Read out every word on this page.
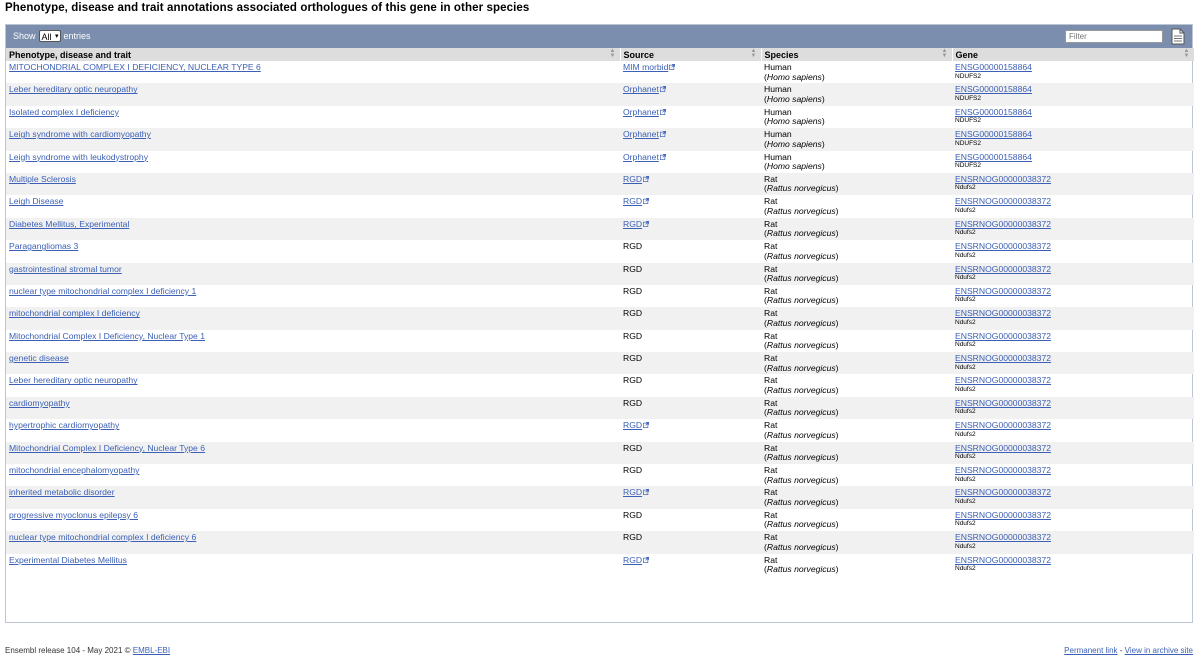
Phenotype, disease and trait annotations associated orthologues of this gene in other species
Show All ▾ entries
Filter
Phenotype, disease and trait ▲
▼	Source ▲
▼	Species ▲
▼	Gene ▲
▼

MITOCHONDRIAL COMPLEX I DEFICIENCY, NUCLEAR TYPE 6	MIM morbid	Human
(Homo sapiens)	ENSG00000158864
NDUFS2

Leber hereditary optic neuropathy	Orphanet	Human
(Homo sapiens)	ENSG00000158864
NDUFS2

Isolated complex I deficiency	Orphanet	Human
(Homo sapiens)	ENSG00000158864
NDUFS2

Leigh syndrome with cardiomyopathy	Orphanet	Human
(Homo sapiens)	ENSG00000158864
NDUFS2

Leigh syndrome with leukodystrophy	Orphanet	Human
(Homo sapiens)	ENSG00000158864
NDUFS2

Multiple Sclerosis	RGD	Rat
(Rattus norvegicus)	ENSRNOG00000038372
Ndufs2

Leigh Disease	RGD	Rat
(Rattus norvegicus)	ENSRNOG00000038372
Ndufs2

Diabetes Mellitus, Experimental	RGD	Rat
(Rattus norvegicus)	ENSRNOG00000038372
Ndufs2

Paragangliomas 3	RGD	Rat
(Rattus norvegicus)	ENSRNOG00000038372
Ndufs2

gastrointestinal stromal tumor	RGD	Rat
(Rattus norvegicus)	ENSRNOG00000038372
Ndufs2

nuclear type mitochondrial complex I deficiency 1	RGD	Rat
(Rattus norvegicus)	ENSRNOG00000038372
Ndufs2

mitochondrial complex I deficiency	RGD	Rat
(Rattus norvegicus)	ENSRNOG00000038372
Ndufs2

Mitochondrial Complex I Deficiency, Nuclear Type 1	RGD	Rat
(Rattus norvegicus)	ENSRNOG00000038372
Ndufs2

genetic disease	RGD	Rat
(Rattus norvegicus)	ENSRNOG00000038372
Ndufs2

Leber hereditary optic neuropathy	RGD	Rat
(Rattus norvegicus)	ENSRNOG00000038372
Ndufs2

cardiomyopathy	RGD	Rat
(Rattus norvegicus)	ENSRNOG00000038372
Ndufs2

hypertrophic cardiomyopathy	RGD	Rat
(Rattus norvegicus)	ENSRNOG00000038372
Ndufs2

Mitochondrial Complex I Deficiency, Nuclear Type 6	RGD	Rat
(Rattus norvegicus)	ENSRNOG00000038372
Ndufs2

mitochondrial encephalomyopathy	RGD	Rat
(Rattus norvegicus)	ENSRNOG00000038372
Ndufs2

inherited metabolic disorder	RGD	Rat
(Rattus norvegicus)	ENSRNOG00000038372
Ndufs2

progressive myoclonus epilepsy 6	RGD	Rat
(Rattus norvegicus)	ENSRNOG00000038372
Ndufs2

nuclear type mitochondrial complex I deficiency 6	RGD	Rat
(Rattus norvegicus)	ENSRNOG00000038372
Ndufs2

Experimental Diabetes Mellitus	RGD	Rat
(Rattus norvegicus)	ENSRNOG00000038372
Ndufs2
Ensembl release 104 - May 2021 © EMBL-EBI	Permanent link - View in archive site
